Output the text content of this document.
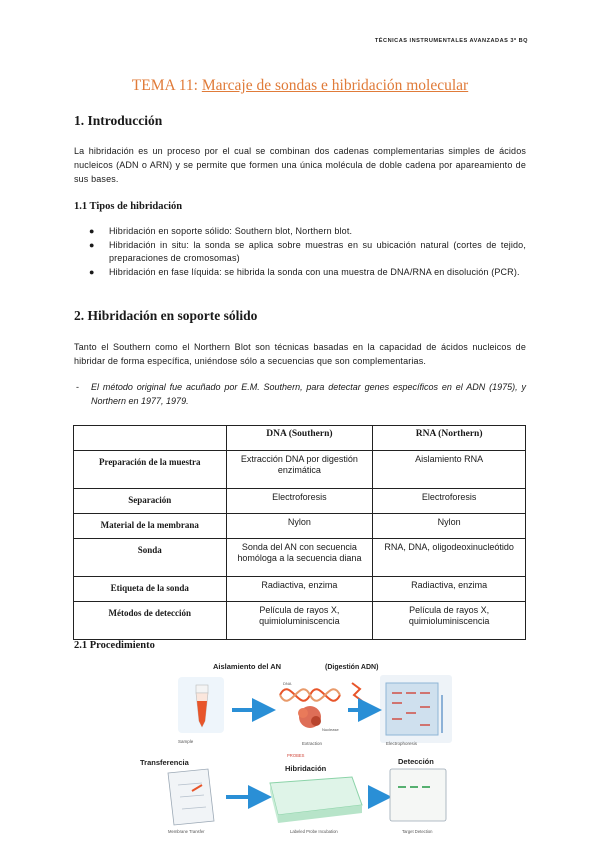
TÉCNICAS INSTRUMENTALES AVANZADAS 3º BQ
TEMA 11: Marcaje de sondas e hibridación molecular
1. Introducción
La hibridación es un proceso por el cual se combinan dos cadenas complementarias simples de ácidos nucleicos (ADN o ARN) y se permite que formen una única molécula de doble cadena por apareamiento de sus bases.
1.1 Tipos de hibridación
● Hibridación en soporte sólido: Southern blot, Northern blot.
● Hibridación in situ: la sonda se aplica sobre muestras en su ubicación natural (cortes de tejido, preparaciones de cromosomas)
● Hibridación en fase líquida: se hibrida la sonda con una muestra de DNA/RNA en disolución (PCR).
2. Hibridación en soporte sólido
Tanto el Southern como el Northern Blot son técnicas basadas en la capacidad de ácidos nucleicos de hibridar de forma específica, uniéndose sólo a secuencias que son complementarias.
- El método original fue acuñado por E.M. Southern, para detectar genes específicos en el ADN (1975), y Northern en 1977, 1979.
	DNA (Southern)	RNA (Northern)
Preparación de la muestra	Extracción DNA por digestión enzimática	Aislamiento RNA
Separación	Electroforesis	Electroforesis
Material de la membrana	Nylon	Nylon
Sonda	Sonda del AN con secuencia homóloga a la secuencia diana	RNA, DNA, oligodeoxinucleótido
Etiqueta de la sonda	Radiactiva, enzima	Radiactiva, enzima
Métodos de detección	Película de rayos X, quimioluminiscencia	Película de rayos X, quimioluminiscencia
2.1 Procedimiento
Aislamiento del AN	(Digestión ADN)
Sample
DNA
Nuclease
Extraction	Electrophoresis
Transferencia
Hibridación
PROBES
Detección
Membrane Transfer	Labeled Probe Incubation	Target Detection
